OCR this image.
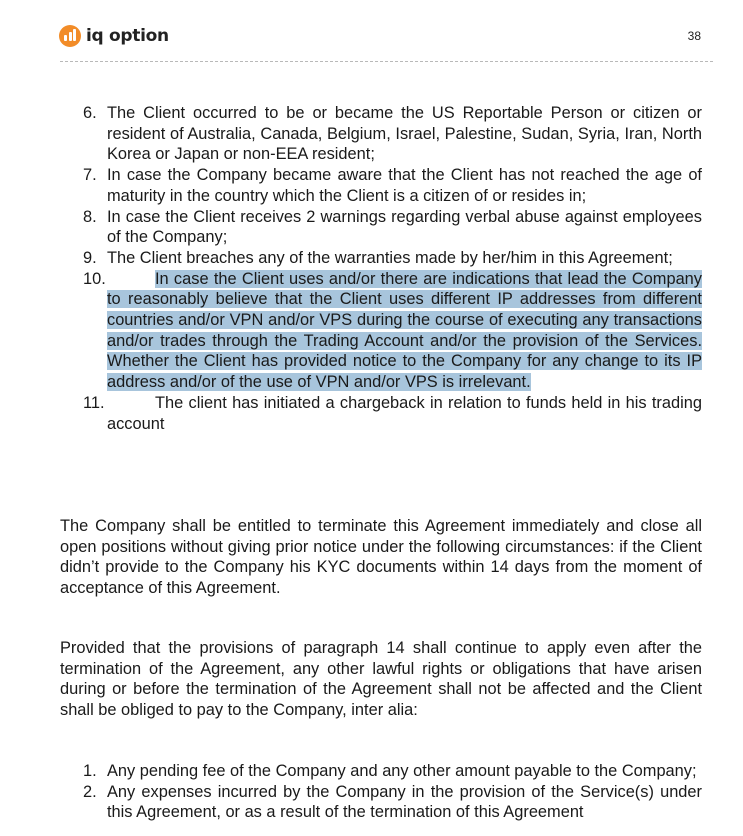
iq option	38
6. The Client occurred to be or became the US Reportable Person or citizen or resident of Australia, Canada, Belgium, Israel, Palestine, Sudan, Syria, Iran, North Korea or Japan or non-EEA resident;
7. In case the Company became aware that the Client has not reached the age of maturity in the country which the Client is a citizen of or resides in;
8. In case the Client receives 2 warnings regarding verbal abuse against employees of the Company;
9. The Client breaches any of the warranties made by her/him in this Agreement;
10.	In case the Client uses and/or there are indications that lead the Company to reasonably believe that the Client uses different IP addresses from different countries and/or VPN and/or VPS during the course of executing any transactions and/or trades through the Trading Account and/or the provision of the Services. Whether the Client has provided notice to the Company for any change to its IP address and/or of the use of VPN and/or VPS is irrelevant.
11.	The client has initiated a chargeback in relation to funds held in his trading account

The Company shall be entitled to terminate this Agreement immediately and close all open positions without giving prior notice under the following circumstances: if the Client didn’t provide to the Company his KYC documents within 14 days from the moment of acceptance of this Agreement.

Provided that the provisions of paragraph 14 shall continue to apply even after the termination of the Agreement, any other lawful rights or obligations that have arisen during or before the termination of the Agreement shall not be affected and the Client shall be obliged to pay to the Company, inter alia:

1. Any pending fee of the Company and any other amount payable to the Company;
2. Any expenses incurred by the Company in the provision of the Service(s) under this Agreement, or as a result of the termination of this Agreement
